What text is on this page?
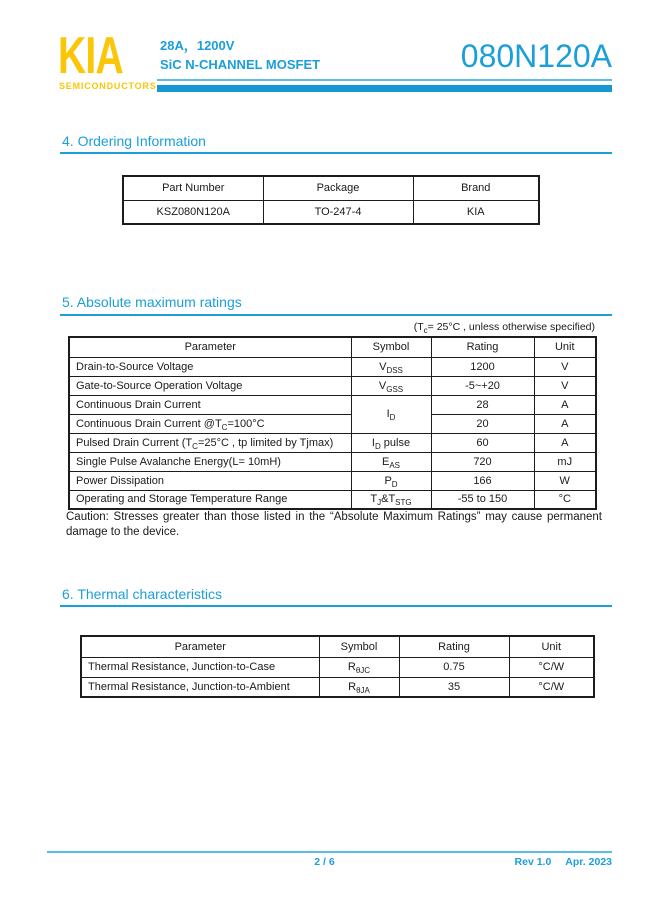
KIA
SEMICONDUCTORS
28A，1200V
SiC N-CHANNEL MOSFET	080N120A
4. Ordering Information
Part Number	Package	Brand
KSZ080N120A	TO-247-4	KIA
5. Absolute maximum ratings
($T_c= 25^\circ C$ , unless otherwise specified)
Parameter	Symbol	Rating	Unit
Drain-to-Source Voltage	$V_{DSS}$	1200	V
Gate-to-Source Operation Voltage	$V_{GSS}$	-5~+20	V
Continuous Drain Current	$I_D$	28	A
Continuous Drain Current $@T_C=100^\circ C$		20	A
Pulsed Drain Current ($T_C=25^\circ C$ , tp limited by Tjmax)	$I_D$ pulse	60	A
Single Pulse Avalanche Energy(L= 10mH)	$E_{AS}$	720	mJ
Power Dissipation	$P_D$	166	W
Operating and Storage Temperature Range	$T_J\&T_{STG}$	-55 to 150	°C
Caution: Stresses greater than those listed in the “Absolute Maximum Ratings” may cause permanent damage to the device.
6. Thermal characteristics
Parameter	Symbol	Rating	Unit
Thermal Resistance, Junction-to-Case	$R_{\theta JC}$	0.75	°C/W
Thermal Resistance, Junction-to-Ambient	$R_{\theta JA}$	35	°C/W
2 / 6	Rev 1.0 Apr. 2023
